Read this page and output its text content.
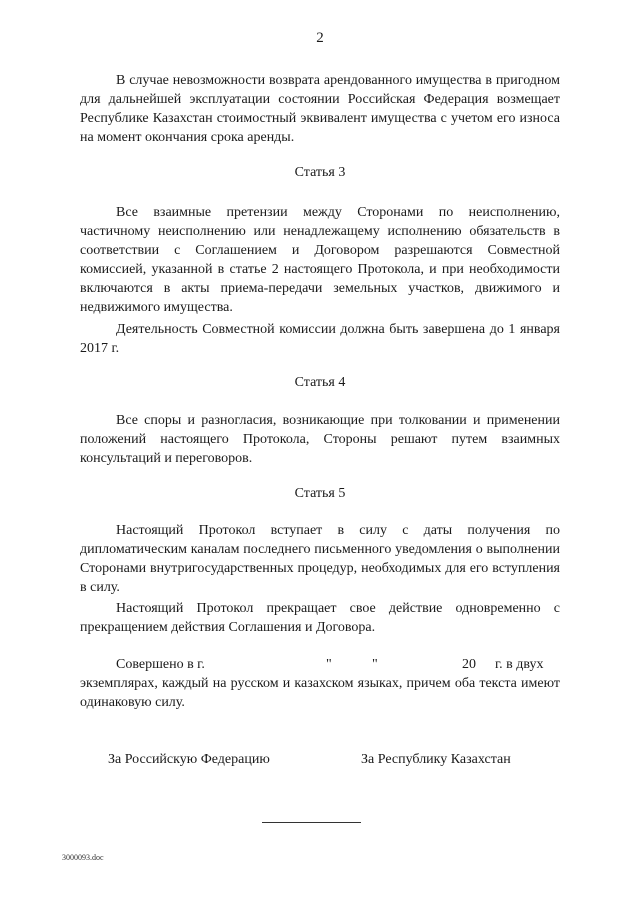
2

В случае невозможности возврата арендованного имущества в пригодном для дальнейшей эксплуатации состоянии Российская Федерация возмещает Республике Казахстан стоимостный эквивалент имущества с учетом его износа на момент окончания срока аренды.

Статья 3

Все взаимные претензии между Сторонами по неисполнению, частичному неисполнению или ненадлежащему исполнению обязательств в соответствии с Соглашением и Договором разрешаются Совместной комиссией, указанной в статье 2 настоящего Протокола, и при необходимости включаются в акты приема-передачи земельных участков, движимого и недвижимого имущества.

Деятельность Совместной комиссии должна быть завершена до 1 января 2017 г.

Статья 4

Все споры и разногласия, возникающие при толковании и применении положений настоящего Протокола, Стороны решают путем взаимных консультаций и переговоров.

Статья 5

Настоящий Протокол вступает в силу с даты получения по дипломатическим каналам последнего письменного уведомления о выполнении Сторонами внутригосударственных процедур, необходимых для его вступления в силу.

Настоящий Протокол прекращает свое действие одновременно с прекращением действия Соглашения и Договора.

Совершено в г.	"	"	20 г. в двух

экземплярах, каждый на русском и казахском языках, причем оба текста имеют одинаковую силу.

За Российскую Федерацию	За Республику Казахстан
3000093.doc
